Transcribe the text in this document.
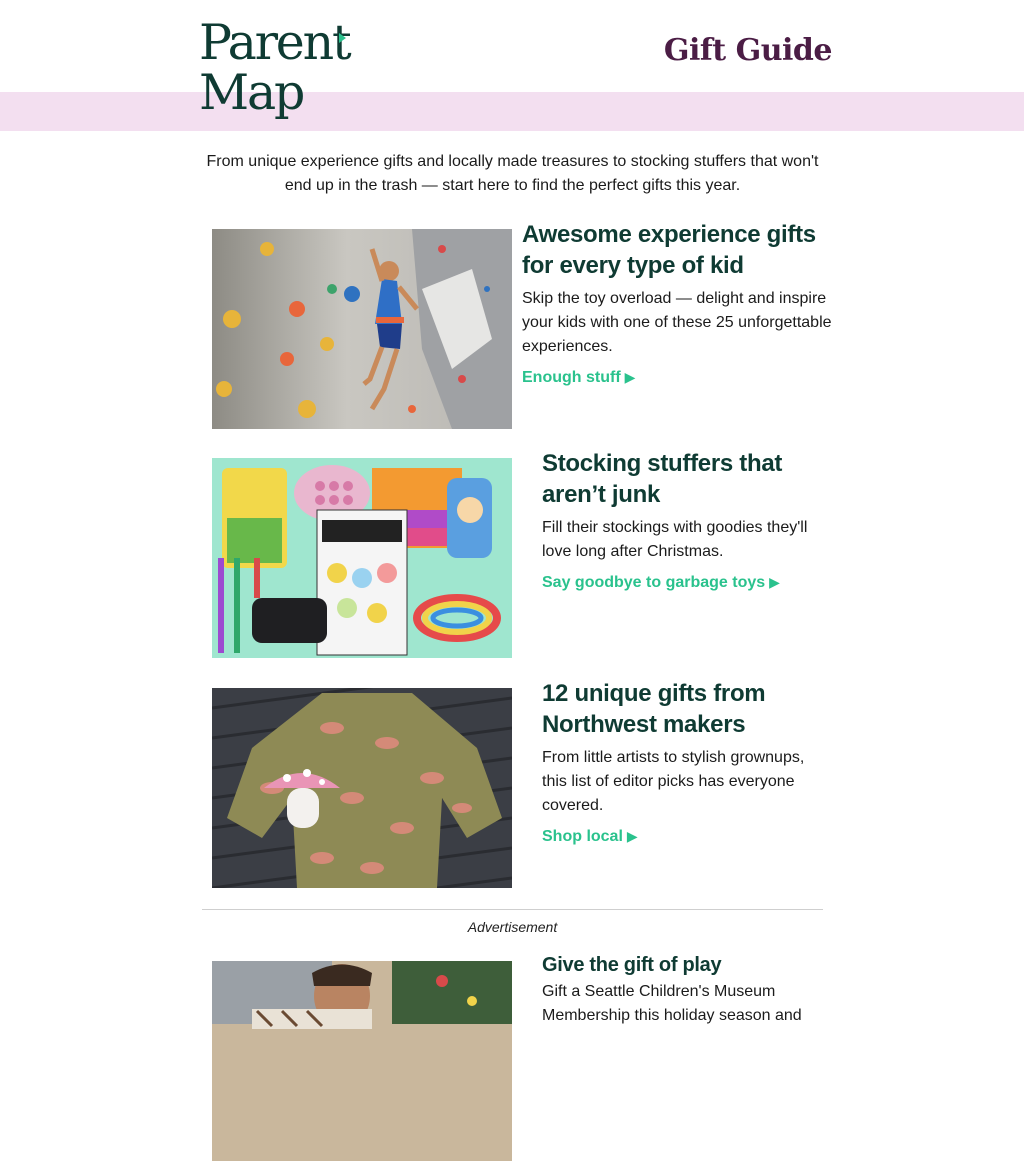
Parent
Map
Gift Guide
From unique experience gifts and locally made treasures to stocking stuffers that won't end up in the trash — start here to find the perfect gifts this year.
Awesome experience gifts for every type of kid

Skip the toy overload — delight and inspire your kids with one of these 25 unforgettable experiences.

Enough stuff ▶
Stocking stuffers that aren’t junk

Fill their stockings with goodies they'll love long after Christmas.

Say goodbye to garbage toys ▶
12 unique gifts from Northwest makers

From little artists to stylish grownups, this list of editor picks has everyone covered.

Shop local ▶
Advertisement
Give the gift of play

Gift a Seattle Children's Museum Membership this holiday season and
